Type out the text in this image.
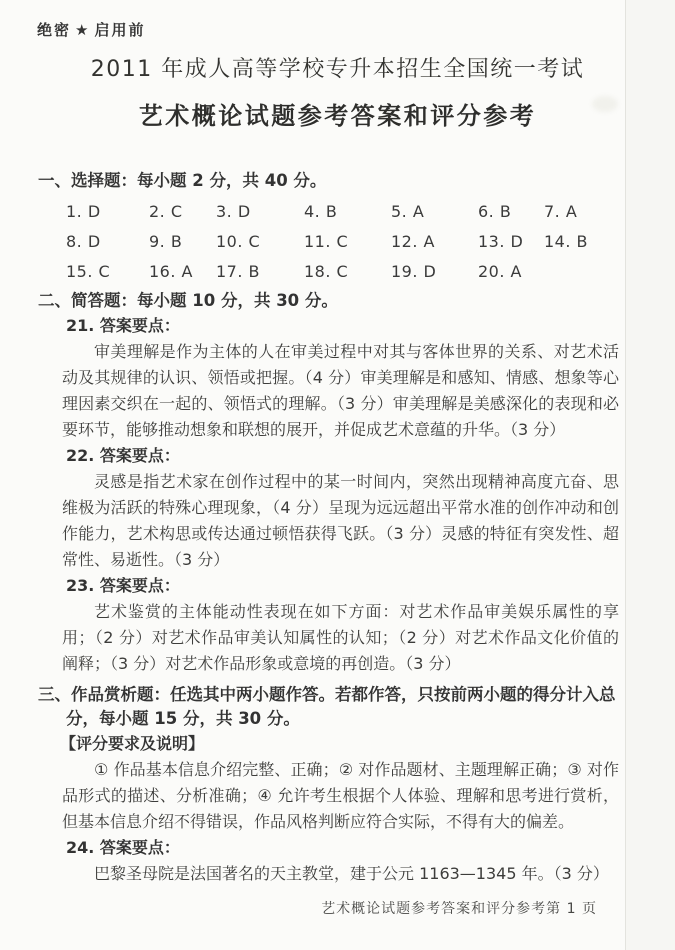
绝密 ★ 启用前
2011 年成人高等学校专升本招生全国统一考试
艺术概论试题参考答案和评分参考
一、选择题：每小题 2 分，共 40 分。
1. D	2. C	3. D	4. B	5. A	6. B	7. A
8. D	9. B	10. C	11. C	12. A	13. D	14. B
15. C	16. A	17. B	18. C	19. D	20. A
二、简答题：每小题 10 分，共 30 分。
21. 答案要点：

审美理解是作为主体的人在审美过程中对其与客体世界的关系、对艺术活动及其规律的认识、领悟或把握。（4 分）审美理解是和感知、情感、想象等心理因素交织在一起的、领悟式的理解。（3 分）审美理解是美感深化的表现和必要环节，能够推动想象和联想的展开，并促成艺术意蕴的升华。（3 分）

22. 答案要点：

灵感是指艺术家在创作过程中的某一时间内，突然出现精神高度亢奋、思维极为活跃的特殊心理现象，（4 分）呈现为远远超出平常水准的创作冲动和创作能力，艺术构思或传达通过顿悟获得飞跃。（3 分）灵感的特征有突发性、超常性、易逝性。（3 分）

23. 答案要点：

艺术鉴赏的主体能动性表现在如下方面：对艺术作品审美娱乐属性的享用；（2 分）对艺术作品审美认知属性的认知；（2 分）对艺术作品文化价值的阐释；（3 分）对艺术作品形象或意境的再创造。（3 分）

三、作品赏析题：任选其中两小题作答。若都作答，只按前两小题的得分计入总分，每小题 15 分，共 30 分。
【评分要求及说明】

① 作品基本信息介绍完整、正确；② 对作品题材、主题理解正确；③ 对作品形式的描述、分析准确；④ 允许考生根据个人体验、理解和思考进行赏析，但基本信息介绍不得错误，作品风格判断应符合实际，不得有大的偏差。

24. 答案要点：

巴黎圣母院是法国著名的天主教堂，建于公元 1163—1345 年。（3 分）

艺术概论试题参考答案和评分参考第 1 页
